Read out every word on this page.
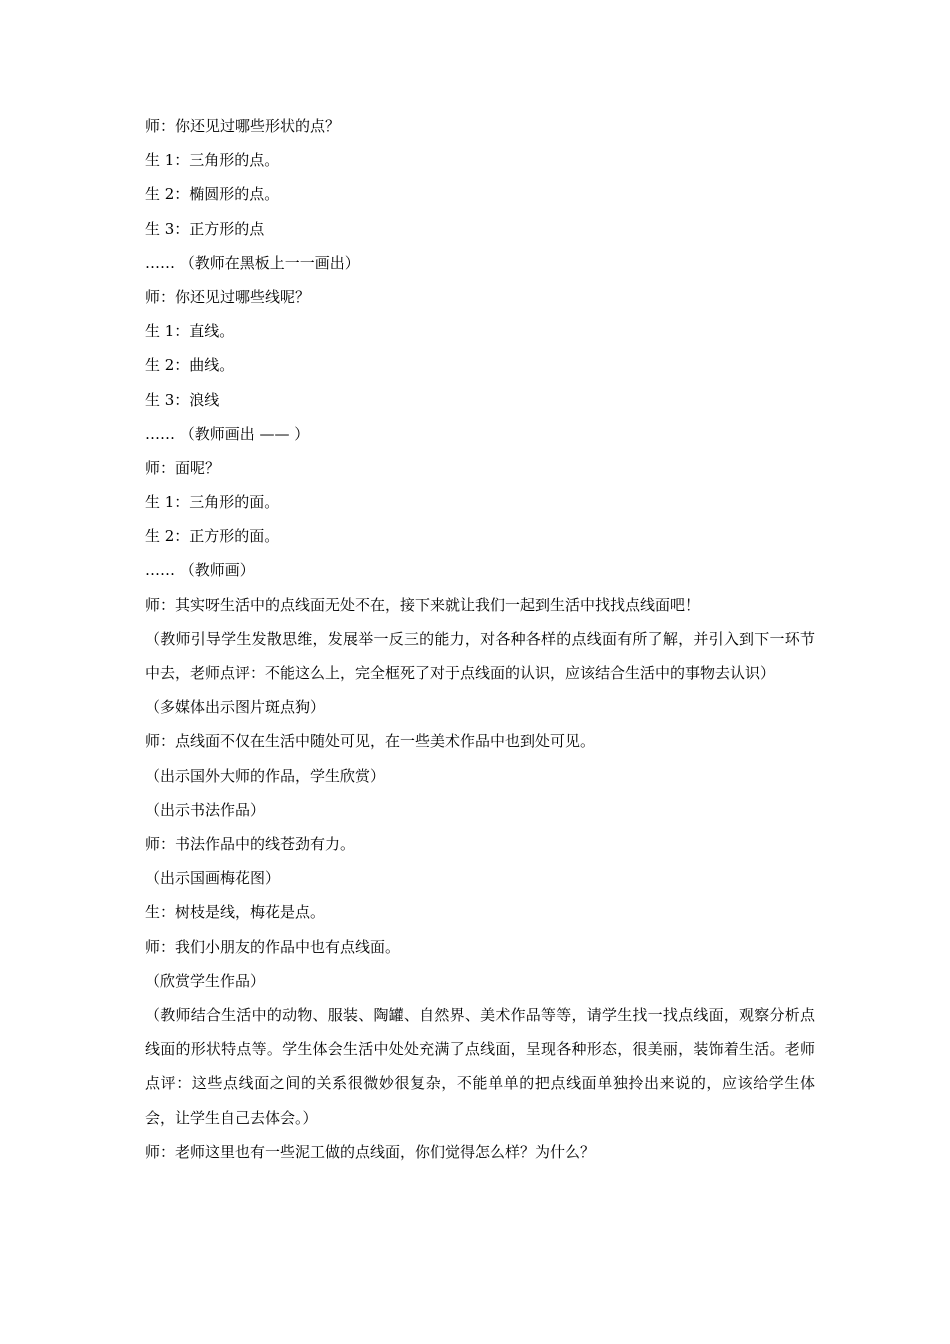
师：你还见过哪些形状的点？
生 1：三角形的点。
生 2：椭圆形的点。
生 3：正方形的点
…… （教师在黑板上一一画出）
师：你还见过哪些线呢？
生 1：直线。
生 2：曲线。
生 3：浪线
…… （教师画出 —— ）
师：面呢？
生 1：三角形的面。
生 2：正方形的面。
…… （教师画）
师：其实呀生活中的点线面无处不在，接下来就让我们一起到生活中找找点线面吧！
（教师引导学生发散思维，发展举一反三的能力，对各种各样的点线面有所了解，并引入到下一环节中去，老师点评：不能这么上，完全框死了对于点线面的认识，应该结合生活中的事物去认识）
（多媒体出示图片斑点狗）
师：点线面不仅在生活中随处可见，在一些美术作品中也到处可见。
（出示国外大师的作品，学生欣赏）
（出示书法作品）
师：书法作品中的线苍劲有力。
（出示国画梅花图）
生：树枝是线，梅花是点。
师：我们小朋友的作品中也有点线面。
（欣赏学生作品）
（教师结合生活中的动物、服装、陶罐、自然界、美术作品等等，请学生找一找点线面，观察分析点线面的形状特点等。学生体会生活中处处充满了点线面，呈现各种形态，很美丽，装饰着生活。老师点评：这些点线面之间的关系很微妙很复杂，不能单单的把点线面单独拎出来说的，应该给学生体会，让学生自己去体会。）
师：老师这里也有一些泥工做的点线面，你们觉得怎么样？为什么？
